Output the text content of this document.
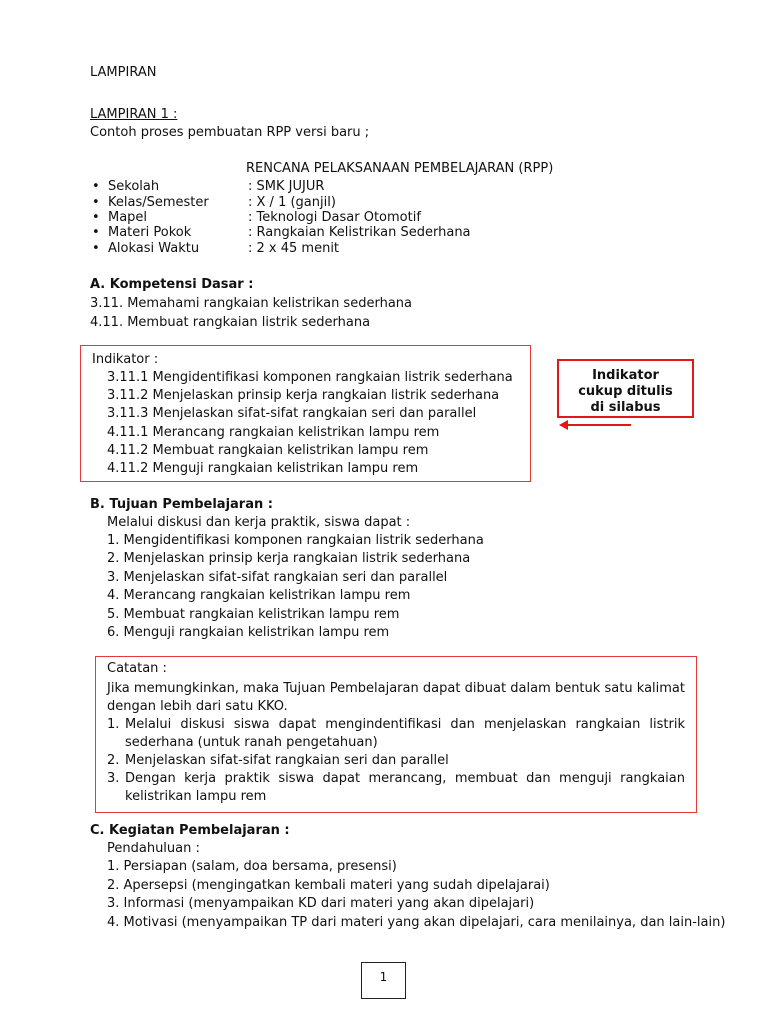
LAMPIRAN
LAMPIRAN 1 :
Contoh proses pembuatan RPP versi baru ;
RENCANA PELAKSANAAN PEMBELAJARAN (RPP)
• Sekolah	: SMK JUJUR
• Kelas/Semester	: X / 1 (ganjil)
• Mapel	: Teknologi Dasar Otomotif
• Materi Pokok	: Rangkaian Kelistrikan Sederhana
• Alokasi Waktu	: 2 x 45 menit
A. Kompetensi Dasar :
3.11. Memahami rangkaian kelistrikan sederhana
4.11. Membuat rangkaian listrik sederhana
Indikator :
3.11.1 Mengidentifikasi komponen rangkaian listrik sederhana
3.11.2 Menjelaskan prinsip kerja rangkaian listrik sederhana
3.11.3 Menjelaskan sifat-sifat rangkaian seri dan parallel
4.11.1 Merancang rangkaian kelistrikan lampu rem
4.11.2 Membuat rangkaian kelistrikan lampu rem
4.11.2 Menguji rangkaian kelistrikan lampu rem
Indikator
cukup ditulis
di silabus
B. Tujuan Pembelajaran :
Melalui diskusi dan kerja praktik, siswa dapat :
1. Mengidentifikasi komponen rangkaian listrik sederhana
2. Menjelaskan prinsip kerja rangkaian listrik sederhana
3. Menjelaskan sifat-sifat rangkaian seri dan parallel
4. Merancang rangkaian kelistrikan lampu rem
5. Membuat rangkaian kelistrikan lampu rem
6. Menguji rangkaian kelistrikan lampu rem
Catatan :
Jika memungkinkan, maka Tujuan Pembelajaran dapat dibuat dalam bentuk satu kalimat dengan lebih dari satu KKO.
1. Melalui diskusi siswa dapat mengindentifikasi dan menjelaskan rangkaian listrik sederhana (untuk ranah pengetahuan)
2. Menjelaskan sifat-sifat rangkaian seri dan parallel
3. Dengan kerja praktik siswa dapat merancang, membuat dan menguji rangkaian kelistrikan lampu rem
C. Kegiatan Pembelajaran :
Pendahuluan :
1. Persiapan (salam, doa bersama, presensi)
2. Apersepsi (mengingatkan kembali materi yang sudah dipelajarai)
3. Informasi (menyampaikan KD dari materi yang akan dipelajari)
4. Motivasi (menyampaikan TP dari materi yang akan dipelajari, cara menilainya, dan lain-lain)
1
